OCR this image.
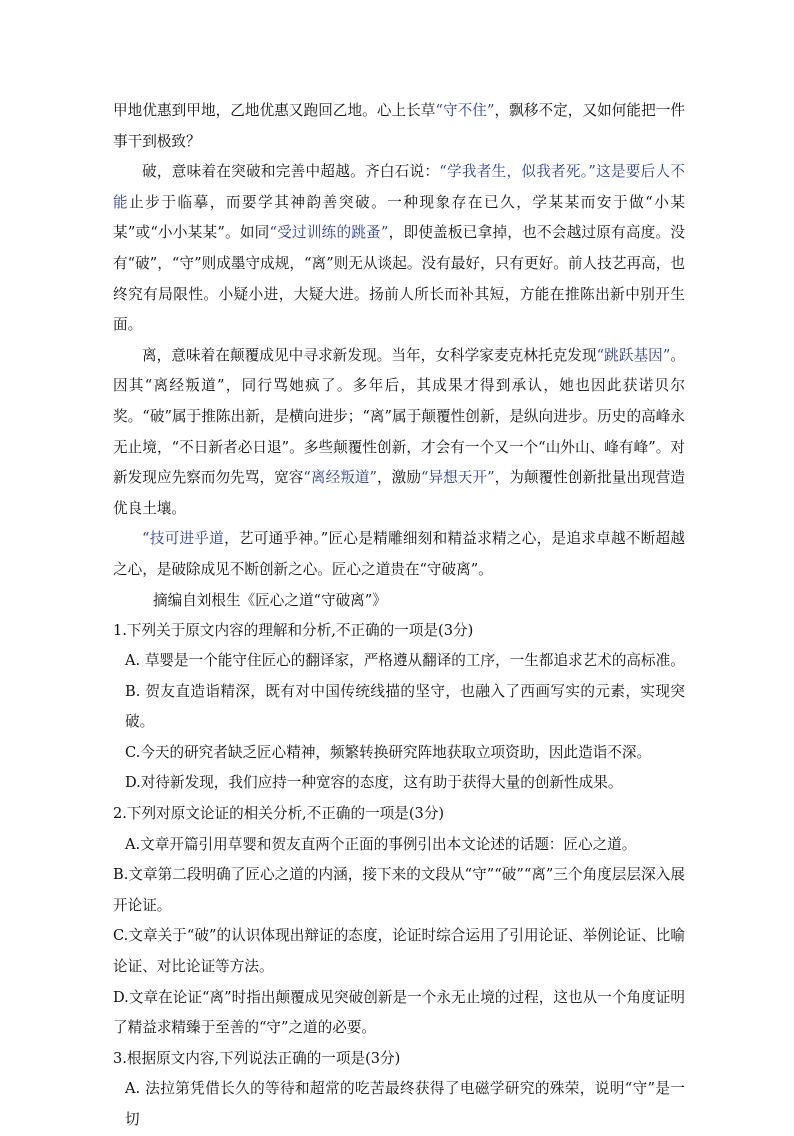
甲地优惠到甲地，乙地优惠又跑回乙地。心上长草“守不住”，飘移不定，又如何能把一件事干到极致？

破，意味着在突破和完善中超越。齐白石说：“学我者生，似我者死。”这是要后人不能止步于临摹，而要学其神韵善突破。一种现象存在已久，学某某而安于做“小某某”或“小小某某”。如同“受过训练的跳蚤”，即使盖板已拿掉，也不会越过原有高度。没有“破”，“守”则成墨守成规，“离”则无从谈起。没有最好，只有更好。前人技艺再高，也终究有局限性。小疑小进，大疑大进。扬前人所长而补其短，方能在推陈出新中别开生面。

离，意味着在颠覆成见中寻求新发现。当年，女科学家麦克林托克发现“跳跃基因”。因其“离经叛道”，同行骂她疯了。多年后，其成果才得到承认，她也因此获诺贝尔奖。“破”属于推陈出新，是横向进步；“离”属于颠覆性创新，是纵向进步。历史的高峰永无止境，“不日新者必日退”。多些颠覆性创新，才会有一个又一个“山外山、峰有峰”。对新发现应先察而勿先骂，宽容“离经叛道”，激励“异想天开”，为颠覆性创新批量出现营造优良土壤。

“技可进乎道，艺可通乎神。”匠心是精雕细刻和精益求精之心，是追求卓越不断超越之心，是破除成见不断创新之心。匠心之道贵在“守破离”。

摘编自刘根生《匠心之道“守破离”》

1.下列关于原文内容的理解和分析,不正确的一项是(3分)

A. 草婴是一个能守住匠心的翻译家，严格遵从翻译的工序，一生都追求艺术的高标准。

B. 贺友直造诣精深，既有对中国传统线描的坚守，也融入了西画写实的元素，实现突破。

C.今天的研究者缺乏匠心精神，频繁转换研究阵地获取立项资助，因此造诣不深。

D.对待新发现，我们应持一种宽容的态度，这有助于获得大量的创新性成果。

2.下列对原文论证的相关分析,不正确的一项是(3分)

A.文章开篇引用草婴和贺友直两个正面的事例引出本文论述的话题：匠心之道。

B.文章第二段明确了匠心之道的内涵，接下来的文段从“守”“破”“离”三个角度层层深入展开论证。

C.文章关于“破”的认识体现出辩证的态度，论证时综合运用了引用论证、举例论证、比喻论证、对比论证等方法。

D.文章在论证“离”时指出颠覆成见突破创新是一个永无止境的过程，这也从一个角度证明了精益求精臻于至善的“守”之道的必要。

3.根据原文内容,下列说法正确的一项是(3分)

A. 法拉第凭借长久的等待和超常的吃苦最终获得了电磁学研究的殊荣，说明“守”是一切
